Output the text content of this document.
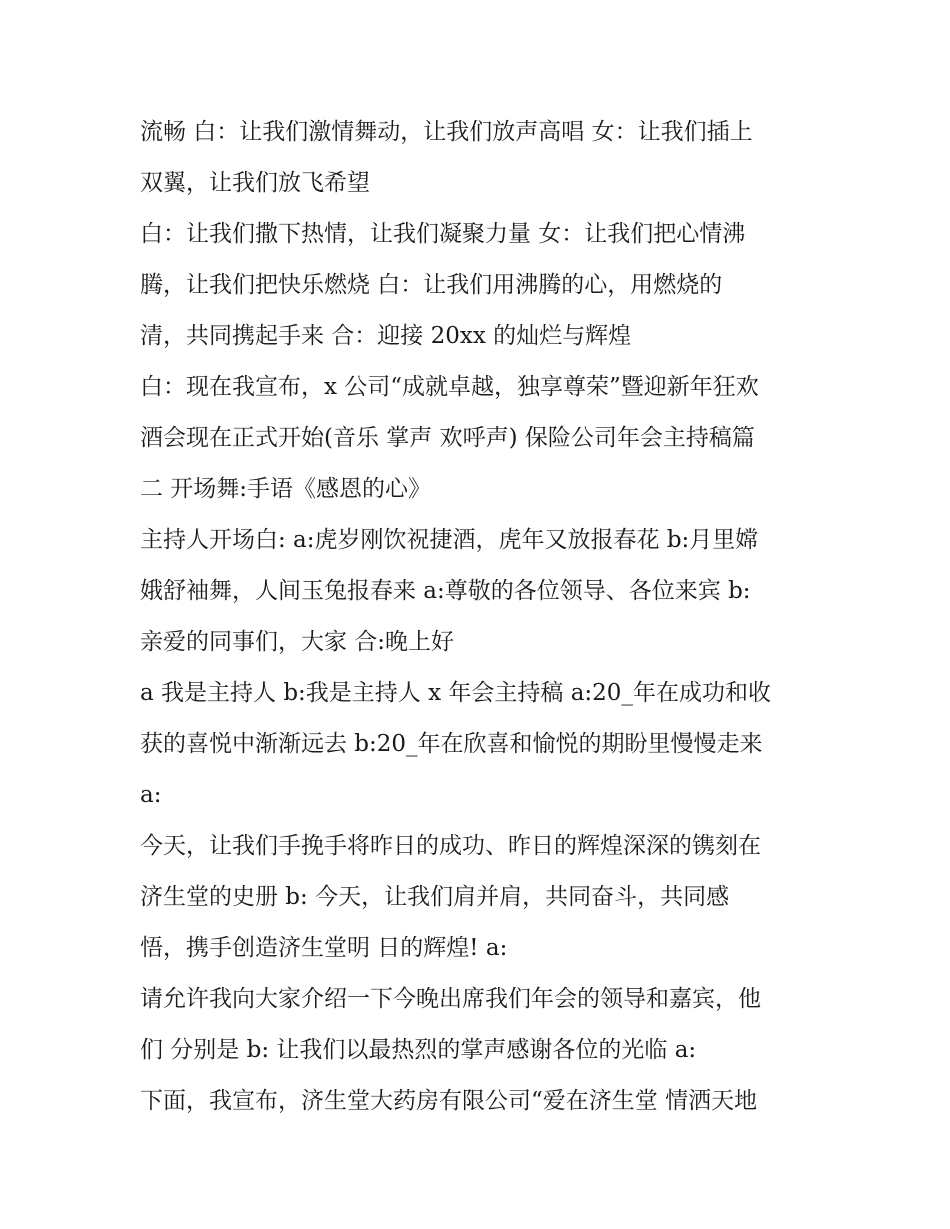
流畅 白：让我们激情舞动，让我们放声高唱 女：让我们插上
双翼，让我们放飞希望
白：让我们撒下热情，让我们凝聚力量 女：让我们把心情沸
腾，让我们把快乐燃烧 白：让我们用沸腾的心，用燃烧的
清，共同携起手来 合：迎接 20xx 的灿烂与辉煌
白：现在我宣布，x 公司“成就卓越，独享尊荣”暨迎新年狂欢
酒会现在正式开始(音乐 掌声 欢呼声) 保险公司年会主持稿篇
二 开场舞:手语《感恩的心》
主持人开场白: a:虎岁刚饮祝捷酒，虎年又放报春花 b:月里嫦
娥舒袖舞，人间玉兔报春来 a:尊敬的各位领导、各位来宾 b:
亲爱的同事们，大家 合:晚上好
a 我是主持人 b:我是主持人 x 年会主持稿 a:20_年在成功和收
获的喜悦中渐渐远去 b:20_年在欣喜和愉悦的期盼里慢慢走来
a:
今天，让我们手挽手将昨日的成功、昨日的辉煌深深的镌刻在
济生堂的史册 b: 今天，让我们肩并肩，共同奋斗，共同感
悟，携手创造济生堂明 日的辉煌! a:
请允许我向大家介绍一下今晚出席我们年会的领导和嘉宾，他
们 分别是 b: 让我们以最热烈的掌声感谢各位的光临 a:
下面，我宣布，济生堂大药房有限公司“爱在济生堂 情洒天地
